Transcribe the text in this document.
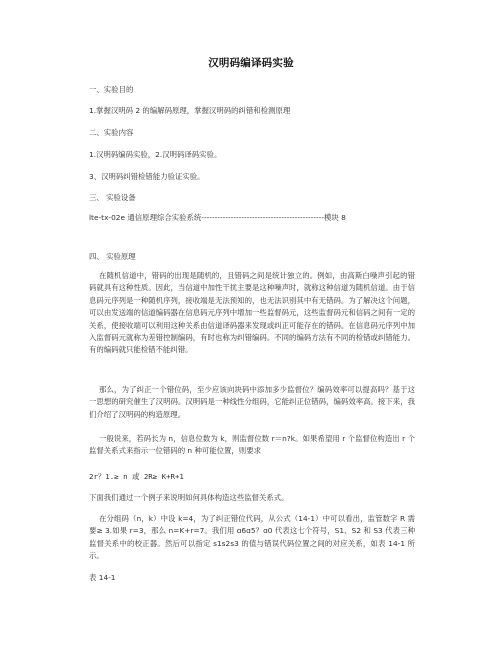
汉明码编译码实验
一、实验目的
1.掌握汉明码 2 的编解码原理，掌握汉明码的纠错和检测原理
二、实验内容
1.汉明码编码实验，2.汉明码译码实验。
3、汉明码纠错检错能力验证实验。
三、 实验设备
lte-tx-02e 通信原理综合实验系统----------------------------------------------模块 8
四、 实验原理
在随机信道中，错码的出现是随机的，且错码之间是统计独立的。例如，由高斯白噪声引起的错码就具有这种性质。因此，当信道中加性干扰主要是这种噪声时，就称这种信道为随机信道。由于信息码元序列是一种随机序列，接收端是无法预知的，也无法识别其中有无错码。为了解决这个问题，可以由发送端的信道编码器在信息码元序列中增加一些监督码元，这些监督码元和信码之间有一定的关系，使接收端可以利用这种关系由信道译码器来发现或纠正可能存在的错码。在信息码元序列中加入监督码元就称为差错控制编码，有时也称为纠错编码。不同的编码方法有不同的检错或纠错能力。有的编码就只能检错不能纠错。
那么，为了纠正一个错位码，至少应该向块码中添加多少监督位？编码效率可以提高吗？基于这一思想的研究催生了汉明码。汉明码是一种线性分组码，它能纠正位错码，编码效率高。接下来，我们介绍了汉明码的构造原理。
一般说来，若码长为 n，信息位数为 k，则监督位数 r＝n?k。如果希望用 r 个监督位构造出 r 个监督关系式来指示一位错码的 n 种可能位置，则要求
2r？1.≥ n 或 2R≥ K+R+1
下面我们通过一个例子来说明如何具体构造这些监督关系式。
在分组码（n，k）中设 k=4，为了纠正错位代码，从公式（14-1）中可以看出，监管数字 R 需要≥ 3.如果 r=3，那么 n=K+r=7。我们用 ɑ6ɑ5？ɑ0 代表这七个符号，S1、S2 和 S3 代表三种监督关系中的校正器。然后可以指定 s1s2s3 的值与错误代码位置之间的对应关系，如表 14-1 所示。
表 14-1
